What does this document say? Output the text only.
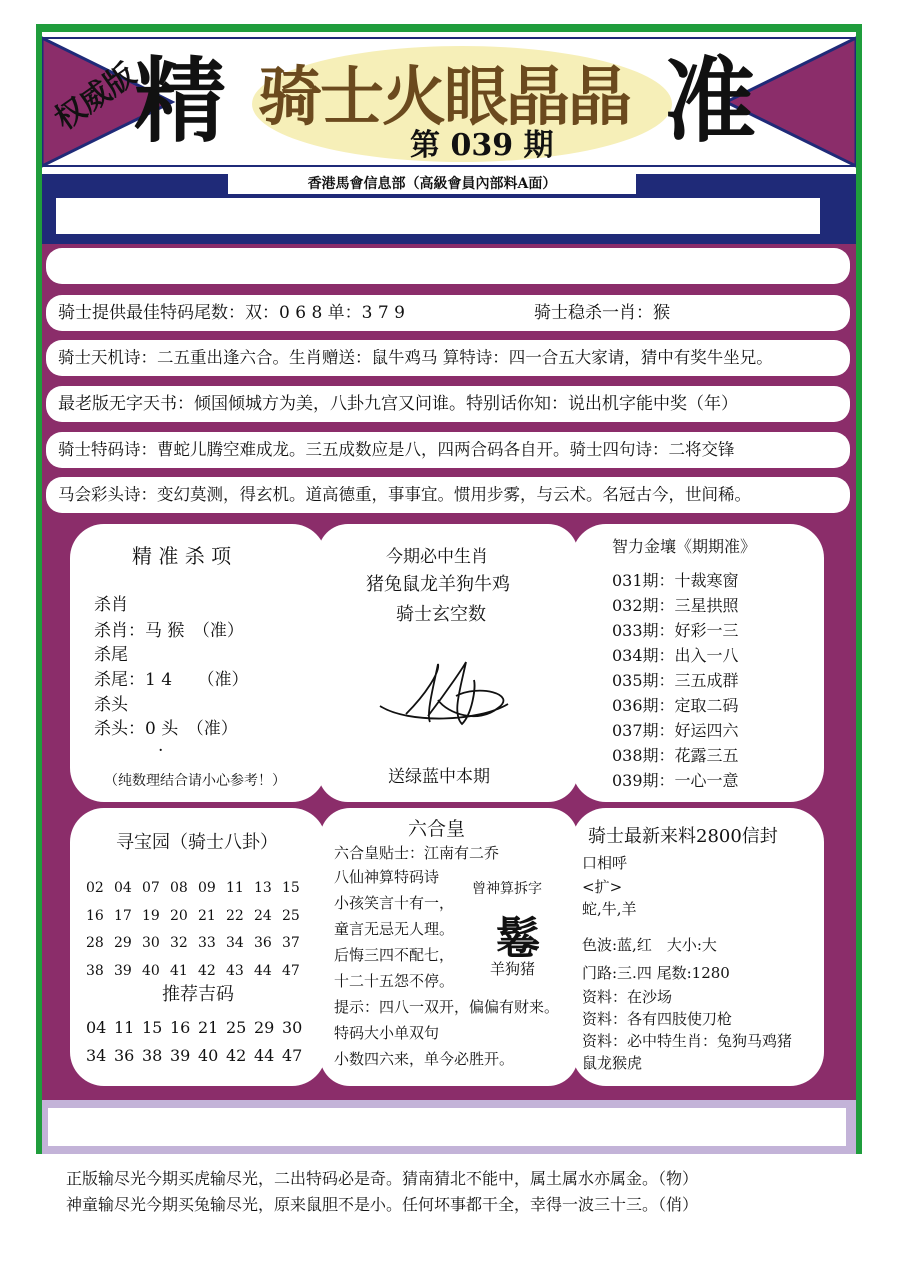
权威版
精 骑士火眼晶晶 准
第 039 期
香港馬會信息部（高級會員內部料A面）
骑士提供最佳特码尾数：双：0 6 8 单：3 7 9	骑士稳杀一肖：猴
骑士天机诗：二五重出逢六合。生肖赠送：鼠牛鸡马 算特诗：四一合五大家请，猜中有奖牛坐兄。
最老版无字天书：倾国倾城方为美，八卦九宫又问谁。特别话你知：说出机字能中奖（年）
骑士特码诗：曹蛇儿腾空难成龙。三五成数应是八，四两合码各自开。骑士四句诗：二将交锋
马会彩头诗：变幻莫测，得玄机。道高德重，事事宜。惯用步雾，与云术。名冠古今，世间稀。
精 准 杀 项
杀肖
杀肖：马 猴　（准）
杀尾
杀尾：1 4　　（准）
杀头
杀头：0 头　（准）
.
（纯数理结合请小心参考！）
今期必中生肖
猪兔鼠龙羊狗牛鸡
骑士玄空数
送绿蓝中本期
智力金壤《期期准》
031期：十裁寒窗
032期：三星拱照
033期：好彩一三
034期：出入一八
035期：三五成群
036期：定取二码
037期：好运四六
038期：花露三五
039期：一心一意
寻宝园（骑士八卦）
02 04 07 08 09 11 13 15
16 17 19 20 21 22 24 25
28 29 30 32 33 34 36 37
38 39 40 41 42 43 44 47

推荐吉码
04 11 15 16 21 25 29 30
34 36 38 39 40 42 44 47

六合皇
六合皇贴士：江南有二乔
八仙神算特码诗
小孩笑言十有一，
童言无忌无人理。
后悔三四不配七，
十二十五怨不停。
提示：四八一双开，偏偏有财来。
特码大小单双句
小数四六来，单今必胜开。
曾神算拆字
鬈
羊狗猪
骑士最新来料2800信封
口相呼
<扩>
蛇,牛,羊
色波:蓝,红　大小:大
门路:三.四 尾数:1280
资料：在沙场
资料：各有四肢使刀枪
资料：必中特生肖：兔狗马鸡猪
鼠龙猴虎
正版输尽光今期买虎输尽光，二出特码必是奇。猜南猜北不能中，属土属水亦属金。（物）
神童输尽光今期买兔输尽光，原来鼠胆不是小。任何坏事都干全，幸得一波三十三。（俏）
